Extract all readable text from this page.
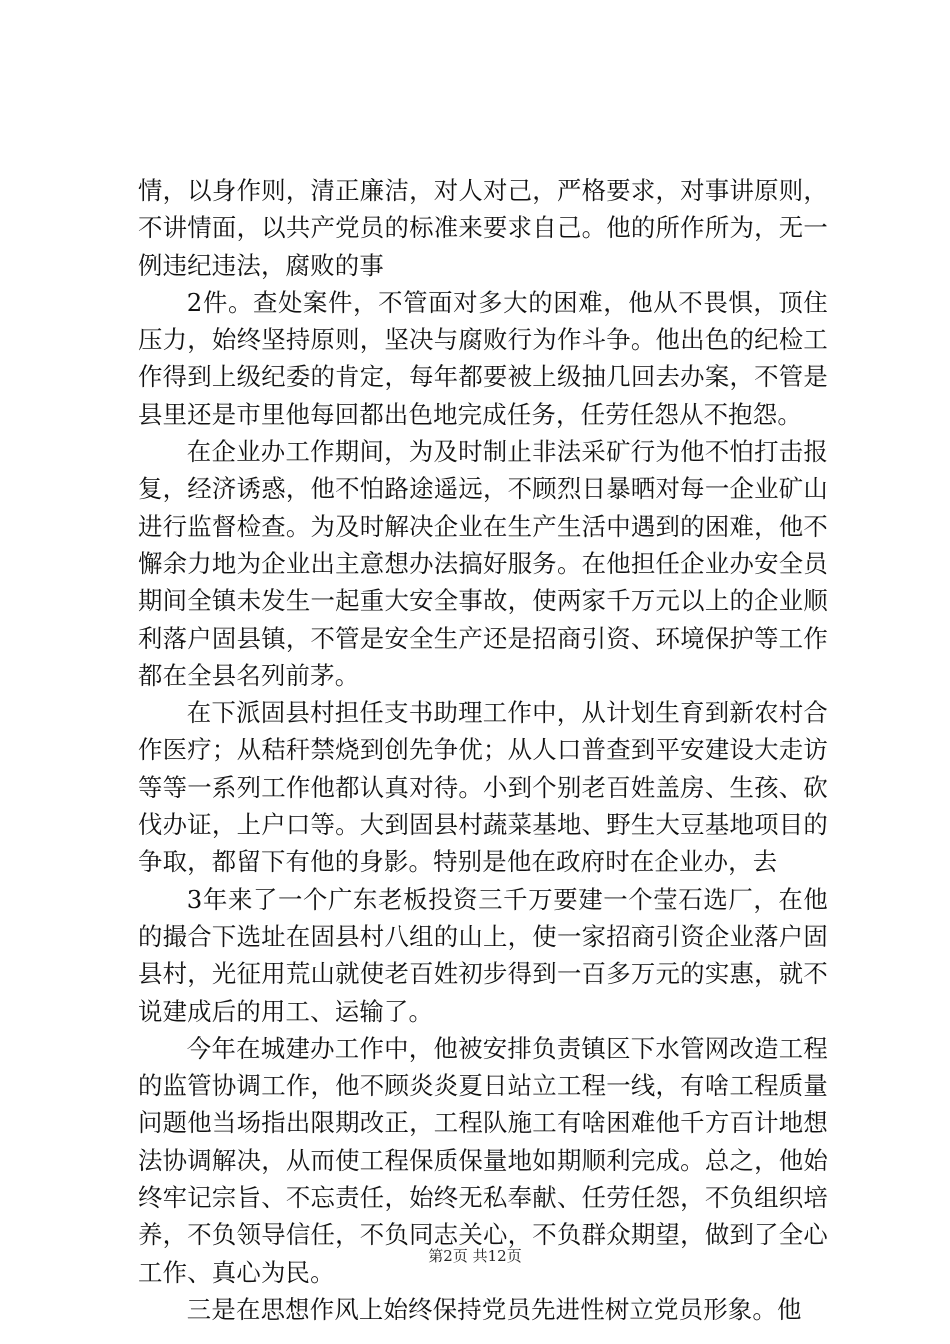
情，以身作则，清正廉洁，对人对己，严格要求，对事讲原则，不讲情面，以共产党员的标准来要求自己。他的所作所为，无一例违纪违法，腐败的事

2件。查处案件，不管面对多大的困难，他从不畏惧，顶住压力，始终坚持原则，坚决与腐败行为作斗争。他出色的纪检工作得到上级纪委的肯定，每年都要被上级抽几回去办案，不管是县里还是市里他每回都出色地完成任务，任劳任怨从不抱怨。

在企业办工作期间，为及时制止非法采矿行为他不怕打击报复，经济诱惑，他不怕路途遥远，不顾烈日暴晒对每一企业矿山进行监督检查。为及时解决企业在生产生活中遇到的困难，他不懈余力地为企业出主意想办法搞好服务。在他担任企业办安全员期间全镇未发生一起重大安全事故，使两家千万元以上的企业顺利落户固县镇，不管是安全生产还是招商引资、环境保护等工作都在全县名列前茅。

在下派固县村担任支书助理工作中，从计划生育到新农村合作医疗；从秸秆禁烧到创先争优；从人口普查到平安建设大走访等等一系列工作他都认真对待。小到个别老百姓盖房、生孩、砍伐办证，上户口等。大到固县村蔬菜基地、野生大豆基地项目的争取，都留下有他的身影。特别是他在政府时在企业办，去

3年来了一个广东老板投资三千万要建一个莹石选厂，在他的撮合下选址在固县村八组的山上，使一家招商引资企业落户固县村，光征用荒山就使老百姓初步得到一百多万元的实惠，就不说建成后的用工、运输了。

今年在城建办工作中，他被安排负责镇区下水管网改造工程的监管协调工作，他不顾炎炎夏日站立工程一线，有啥工程质量问题他当场指出限期改正，工程队施工有啥困难他千方百计地想法协调解决，从而使工程保质保量地如期顺利完成。总之，他始终牢记宗旨、不忘责任，始终无私奉献、任劳任怨，不负组织培养，不负领导信任，不负同志关心，不负群众期望，做到了全心工作、真心为民。

三是在思想作风上始终保持党员先进性树立党员形象。他

第2页 共12页
